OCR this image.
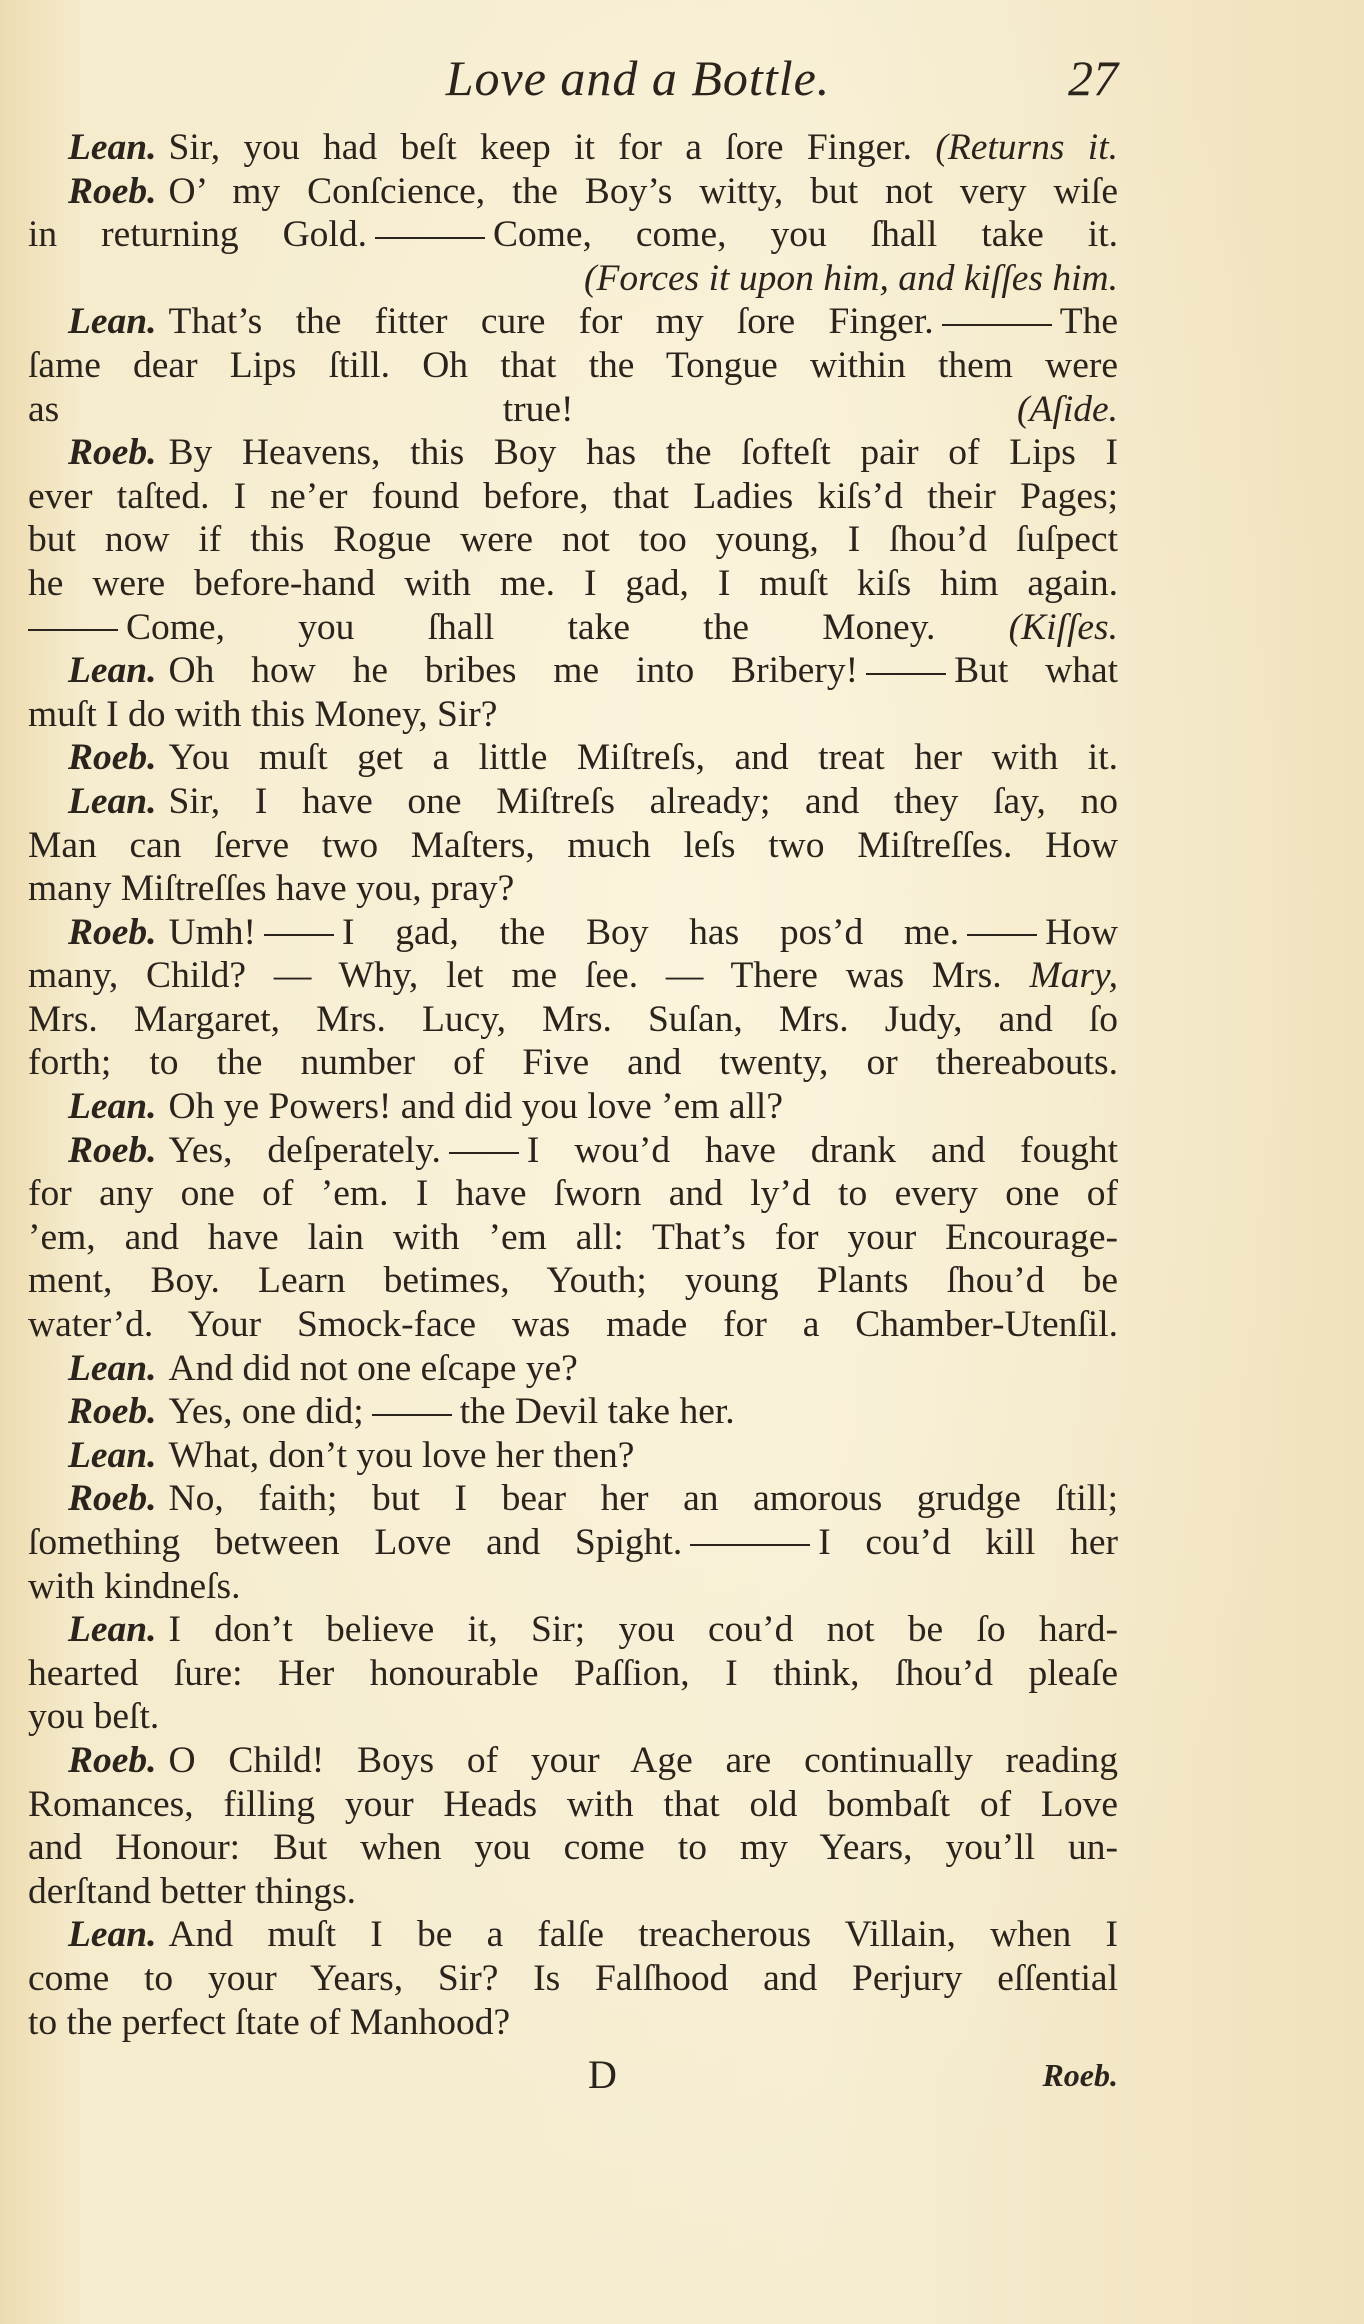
Love and a Bottle.	27
Lean. Sir, you had beſt keep it for a ſore Finger. (Returns it.
Roeb. O’ my Conſcience, the Boy’s witty, but not very wiſe
in returning Gold.	Come, come, you ſhall take it.
(Forces it upon him, and kiſſes him.
Lean. That’s the fitter cure for my ſore Finger.	The
ſame dear Lips ſtill. Oh that the Tongue within them were
as true!	(Aſide.
Roeb. By Heavens, this Boy has the ſofteſt pair of Lips I
ever taſted. I ne’er found before, that Ladies kiſs’d their Pages;
but now if this Rogue were not too young, I ſhou’d ſuſpect
he were before-hand with me. I gad, I muſt kiſs him again.
Come, you ſhall take the Money. (Kiſſes.
Lean. Oh how he bribes me into Bribery!	But what
muſt I do with this Money, Sir?
Roeb. You muſt get a little Miſtreſs, and treat her with it.
Lean. Sir, I have one Miſtreſs already; and they ſay, no
Man can ſerve two Maſters, much leſs two Miſtreſſes. How
many Miſtreſſes have you, pray?
Roeb. Umh! I gad, the Boy has pos’d me. How
many, Child? — Why, let me ſee. — There was Mrs. Mary,
Mrs. Margaret, Mrs. Lucy, Mrs. Suſan, Mrs. Judy, and ſo
forth; to the number of Five and twenty, or thereabouts.
Lean. Oh ye Powers! and did you love ’em all?
Roeb. Yes, deſperately. I wou’d have drank and fought
for any one of ’em. I have ſworn and ly’d to every one of
’em, and have lain with ’em all: That’s for your Encourage-
ment, Boy. Learn betimes, Youth; young Plants ſhou’d be
water’d. Your Smock-face was made for a Chamber-Utenſil.
Lean. And did not one eſcape ye?
Roeb. Yes, one did;	the Devil take her.
Lean. What, don’t you love her then?
Roeb. No, faith; but I bear her an amorous grudge ſtill;
ſomething between Love and Spight.	I cou’d kill her
with kindneſs.
Lean. I don’t believe it, Sir; you cou’d not be ſo hard-
hearted ſure: Her honourable Paſſion, I think, ſhou’d pleaſe
you beſt.
Roeb. O Child! Boys of your Age are continually reading
Romances, filling your Heads with that old bombaſt of Love
and Honour: But when you come to my Years, you’ll un-
derſtand better things.
Lean. And muſt I be a falſe treacherous Villain, when I
come to your Years, Sir? Is Falſhood and Perjury eſſential
to the perfect ſtate of Manhood?
D	Roeb.
